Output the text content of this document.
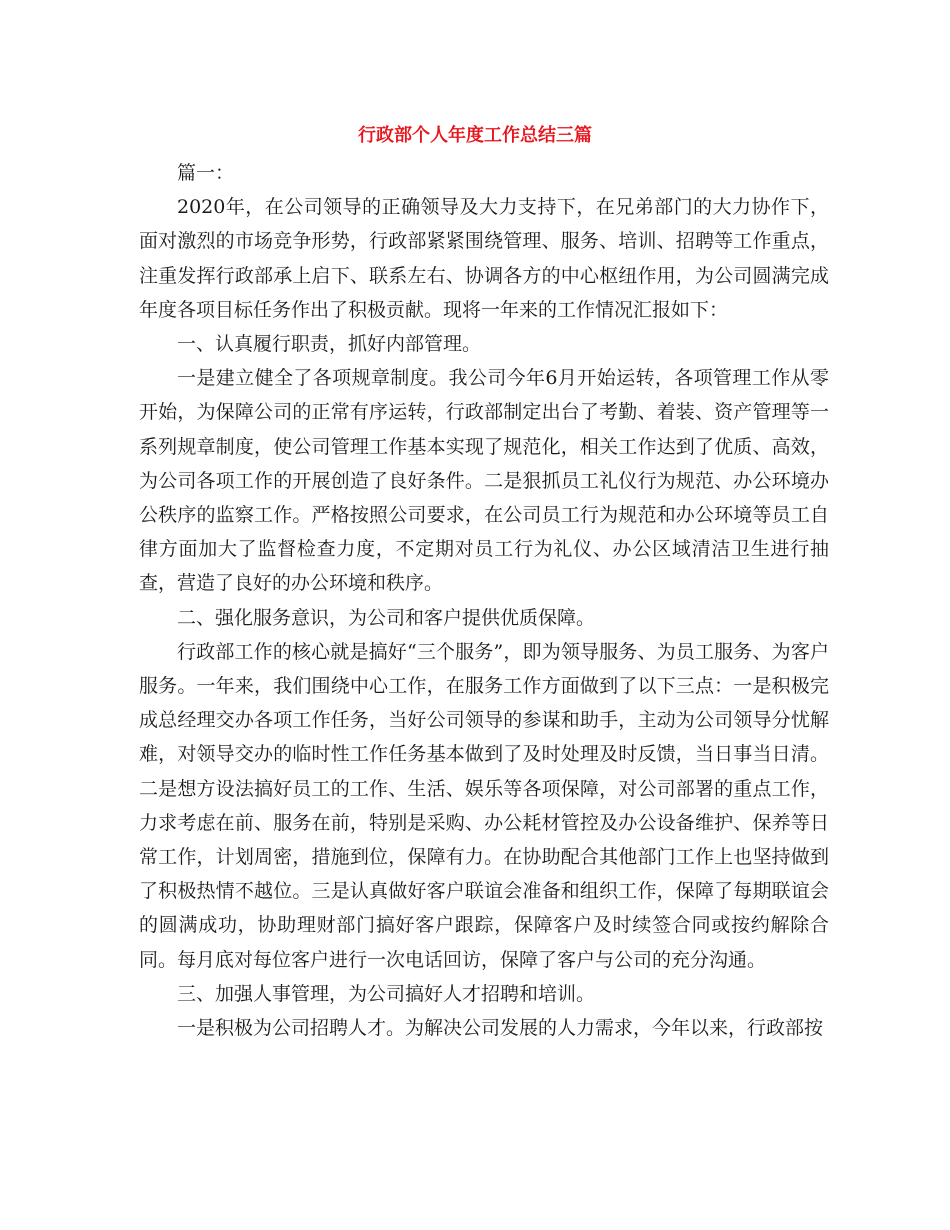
行政部个人年度工作总结三篇

篇一：

2020年，在公司领导的正确领导及大力支持下，在兄弟部门的大力协作下，面对激烈的市场竞争形势，行政部紧紧围绕管理、服务、培训、招聘等工作重点，注重发挥行政部承上启下、联系左右、协调各方的中心枢纽作用，为公司圆满完成年度各项目标任务作出了积极贡献。现将一年来的工作情况汇报如下：

一、认真履行职责，抓好内部管理。

一是建立健全了各项规章制度。我公司今年6月开始运转，各项管理工作从零开始，为保障公司的正常有序运转，行政部制定出台了考勤、着装、资产管理等一系列规章制度，使公司管理工作基本实现了规范化，相关工作达到了优质、高效，为公司各项工作的开展创造了良好条件。二是狠抓员工礼仪行为规范、办公环境办公秩序的监察工作。严格按照公司要求，在公司员工行为规范和办公环境等员工自律方面加大了监督检查力度，不定期对员工行为礼仪、办公区域清洁卫生进行抽查，营造了良好的办公环境和秩序。

二、强化服务意识，为公司和客户提供优质保障。

行政部工作的核心就是搞好“三个服务”，即为领导服务、为员工服务、为客户服务。一年来，我们围绕中心工作，在服务工作方面做到了以下三点：一是积极完成总经理交办各项工作任务，当好公司领导的参谋和助手，主动为公司领导分忧解难，对领导交办的临时性工作任务基本做到了及时处理及时反馈，当日事当日清。二是想方设法搞好员工的工作、生活、娱乐等各项保障，对公司部署的重点工作，力求考虑在前、服务在前，特别是采购、办公耗材管控及办公设备维护、保养等日常工作，计划周密，措施到位，保障有力。在协助配合其他部门工作上也坚持做到了积极热情不越位。三是认真做好客户联谊会准备和组织工作，保障了每期联谊会的圆满成功，协助理财部门搞好客户跟踪，保障客户及时续签合同或按约解除合同。每月底对每位客户进行一次电话回访，保障了客户与公司的充分沟通。

三、加强人事管理，为公司搞好人才招聘和培训。

一是积极为公司招聘人才。为解决公司发展的人力需求，今年以来，行政部按
